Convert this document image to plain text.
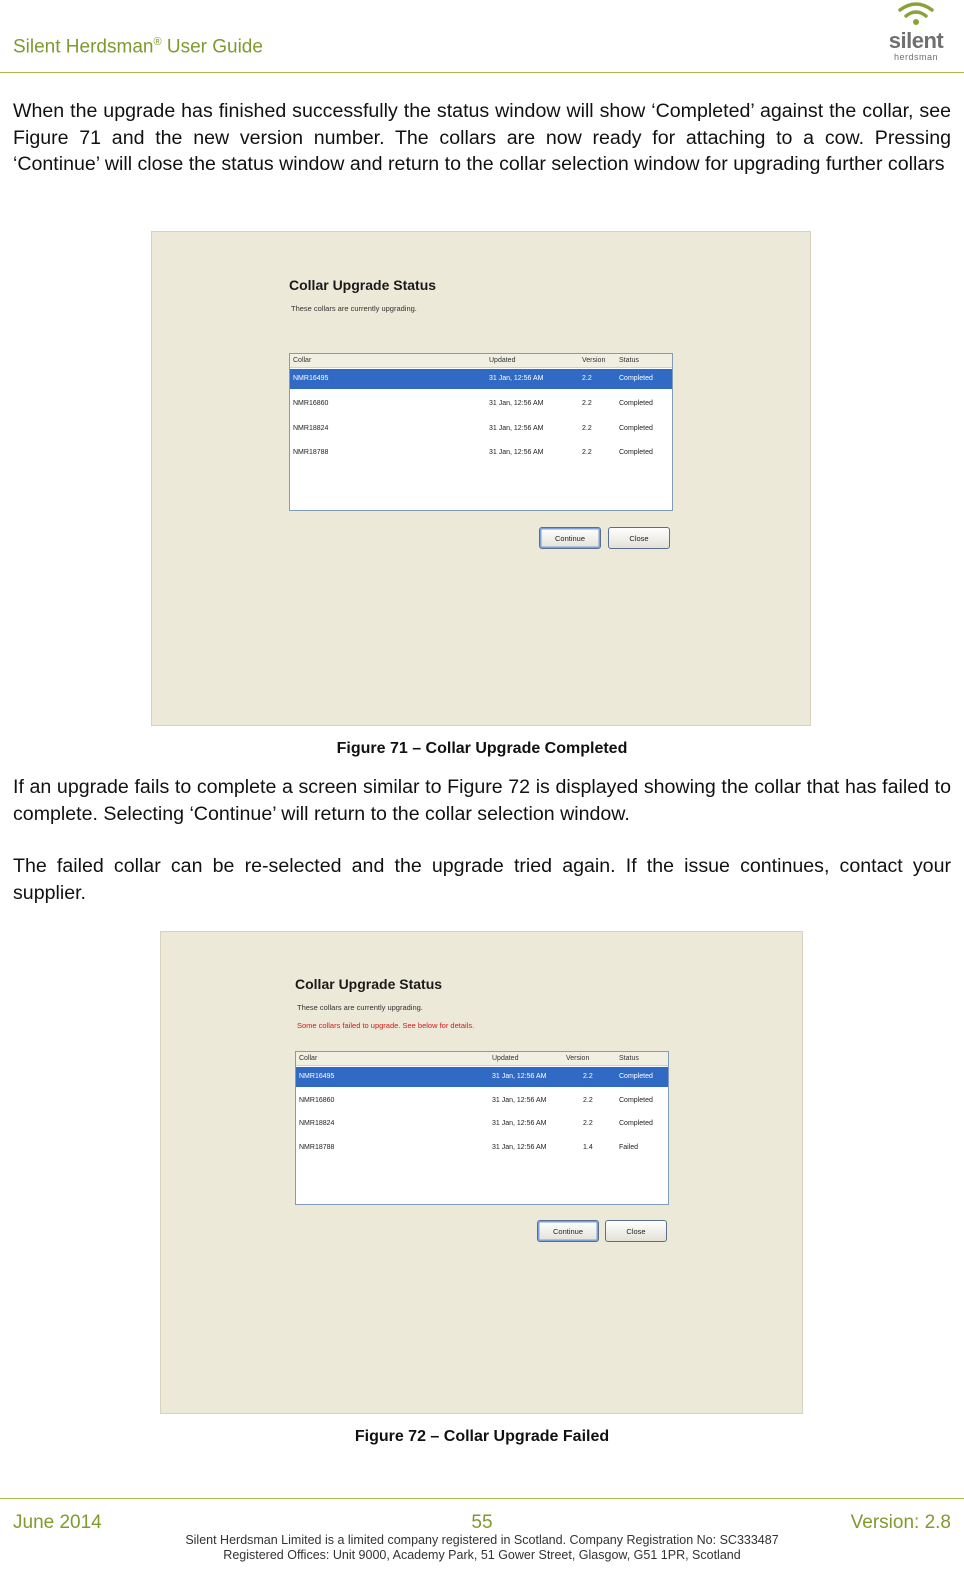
Silent Herdsman® User Guide	silent
herdsman

When the upgrade has finished successfully the status window will show ‘Completed’ against the collar, see Figure 71 and the new version number. The collars are now ready for attaching to a cow. Pressing ‘Continue’ will close the status window and return to the collar selection window for upgrading further collars

Collar Upgrade Status
These collars are currently upgrading.
Collar	Updated	Version Status
NMR16495	31 Jan, 12:56 AM	2.2	Completed
NMR16860	31 Jan, 12:56 AM	2.2	Completed
NMR18824	31 Jan, 12:56 AM	2.2	Completed
NMR18788	31 Jan, 12:56 AM	2.2	Completed
Continue	Close
Figure 71 – Collar Upgrade Completed

If an upgrade fails to complete a screen similar to Figure 72 is displayed showing the collar that has failed to complete. Selecting ‘Continue’ will return to the collar selection window.

The failed collar can be re-selected and the upgrade tried again. If the issue continues, contact your supplier.

Collar Upgrade Status
These collars are currently upgrading.
Some collars failed to upgrade. See below for details.
Collar	Updated	Version	Status
NMR16495	31 Jan, 12:56 AM	2.2	Completed
NMR16860	31 Jan, 12:56 AM	2.2	Completed
NMR18824	31 Jan, 12:56 AM	2.2	Completed
NMR18788	31 Jan, 12:56 AM	1.4	Failed
Continue	Close
Figure 72 – Collar Upgrade Failed
June 2014	55	Version: 2.8
Silent Herdsman Limited is a limited company registered in Scotland. Company Registration No: SC333487
Registered Offices: Unit 9000, Academy Park, 51 Gower Street, Glasgow, G51 1PR, Scotland
